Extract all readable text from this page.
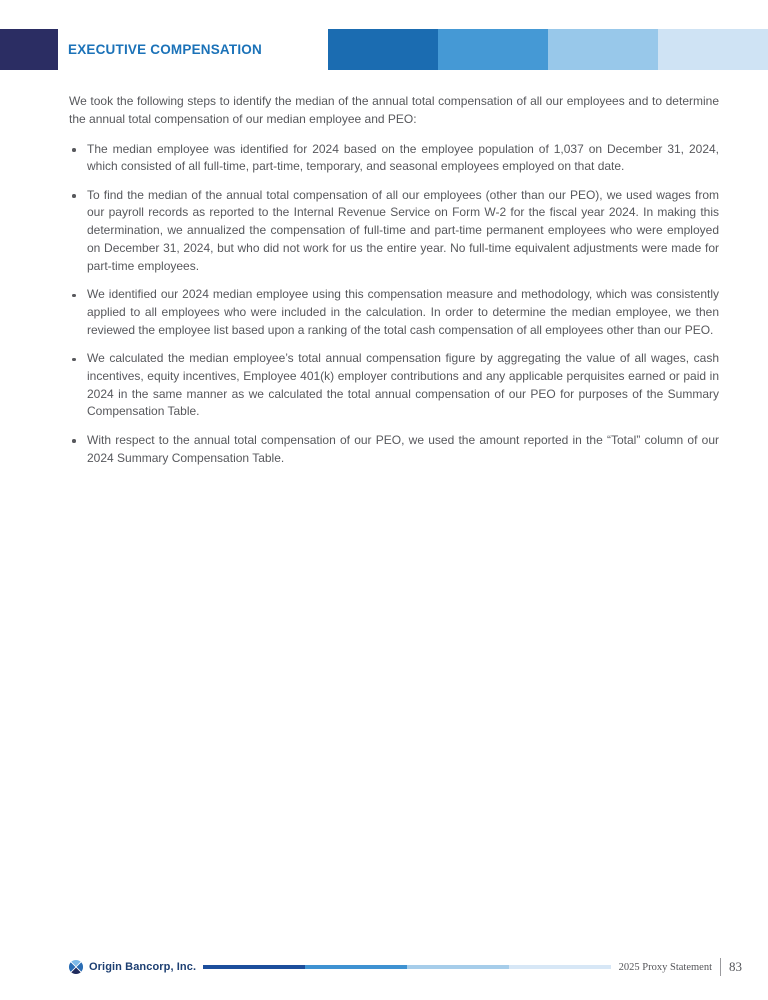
EXECUTIVE COMPENSATION

We took the following steps to identify the median of the annual total compensation of all our employees and to determine the annual total compensation of our median employee and PEO:

The median employee was identified for 2024 based on the employee population of 1,037 on December 31, 2024, which consisted of all full-time, part-time, temporary, and seasonal employees employed on that date.
To find the median of the annual total compensation of all our employees (other than our PEO), we used wages from our payroll records as reported to the Internal Revenue Service on Form W-2 for the fiscal year 2024. In making this determination, we annualized the compensation of full-time and part-time permanent employees who were employed on December 31, 2024, but who did not work for us the entire year. No full-time equivalent adjustments were made for part-time employees.
We identified our 2024 median employee using this compensation measure and methodology, which was consistently applied to all employees who were included in the calculation. In order to determine the median employee, we then reviewed the employee list based upon a ranking of the total cash compensation of all employees other than our PEO.
We calculated the median employee’s total annual compensation figure by aggregating the value of all wages, cash incentives, equity incentives, Employee 401(k) employer contributions and any applicable perquisites earned or paid in 2024 in the same manner as we calculated the total annual compensation of our PEO for purposes of the Summary Compensation Table.
With respect to the annual total compensation of our PEO, we used the amount reported in the “Total” column of our 2024 Summary Compensation Table.
Origin Bancorp, Inc.	2025 Proxy Statement 83
